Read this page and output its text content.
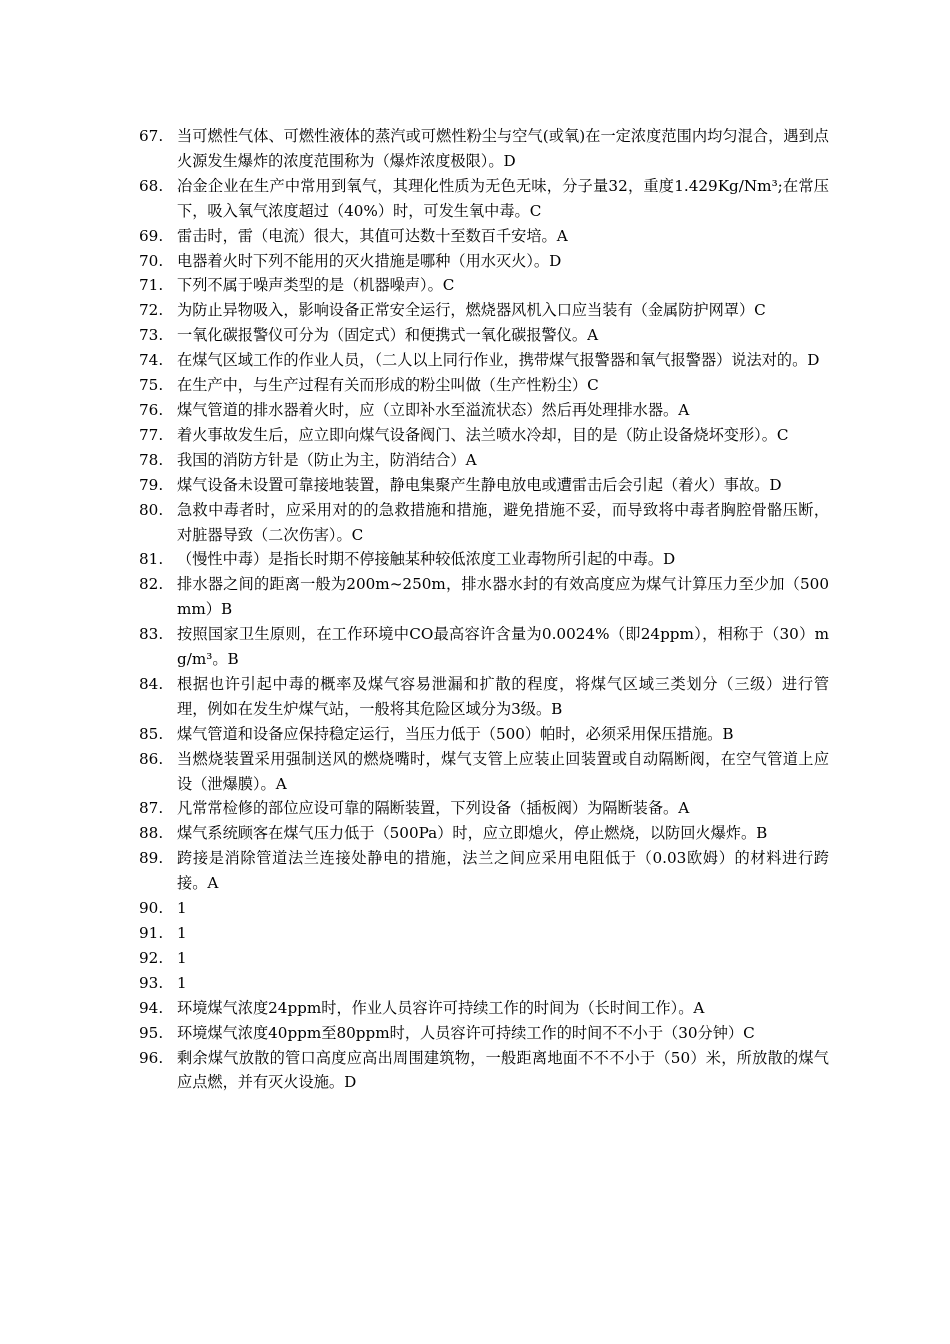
67. 当可燃性气体、可燃性液体的蒸汽或可燃性粉尘与空气(或氧)在一定浓度范围内均匀混合，遇到点火源发生爆炸的浓度范围称为（爆炸浓度极限）。D
68. 冶金企业在生产中常用到氧气，其理化性质为无色无味，分子量32，重度1.429Kg/Nm³;在常压下，吸入氧气浓度超过（40%）时，可发生氧中毒。C
69. 雷击时，雷（电流）很大，其值可达数十至数百千安培。A
70. 电器着火时下列不能用的灭火措施是哪种（用水灭火）。D
71. 下列不属于噪声类型的是（机器噪声）。C
72. 为防止异物吸入，影响设备正常安全运行，燃烧器风机入口应当装有（金属防护网罩）C
73. 一氧化碳报警仪可分为（固定式）和便携式一氧化碳报警仪。A
74. 在煤气区域工作的作业人员，（二人以上同行作业，携带煤气报警器和氧气报警器）说法对的。D
75. 在生产中，与生产过程有关而形成的粉尘叫做（生产性粉尘）C
76. 煤气管道的排水器着火时，应（立即补水至溢流状态）然后再处理排水器。A
77. 着火事故发生后，应立即向煤气设备阀门、法兰喷水冷却，目的是（防止设备烧坏变形）。C
78. 我国的消防方针是（防止为主，防消结合）A
79. 煤气设备未设置可靠接地装置，静电集聚产生静电放电或遭雷击后会引起（着火）事故。D
80. 急救中毒者时，应采用对的的急救措施和措施，避免措施不妥，而导致将中毒者胸腔骨骼压断，对脏器导致（二次伤害）。C
81. （慢性中毒）是指长时期不停接触某种较低浓度工业毒物所引起的中毒。D
82. 排水器之间的距离一般为200m~250m，排水器水封的有效高度应为煤气计算压力至少加（500mm）B
83. 按照国家卫生原则，在工作环境中CO最高容许含量为0.0024%（即24ppm），相称于（30）mg/m³。B
84. 根据也许引起中毒的概率及煤气容易泄漏和扩散的程度，将煤气区域三类划分（三级）进行管理，例如在发生炉煤气站，一般将其危险区域分为3级。B
85. 煤气管道和设备应保持稳定运行，当压力低于（500）帕时，必须采用保压措施。B
86. 当燃烧装置采用强制送风的燃烧嘴时，煤气支管上应装止回装置或自动隔断阀，在空气管道上应设（泄爆膜）。A
87. 凡常常检修的部位应设可靠的隔断装置，下列设备（插板阀）为隔断装备。A
88. 煤气系统顾客在煤气压力低于（500Pa）时，应立即熄火，停止燃烧，以防回火爆炸。B
89. 跨接是消除管道法兰连接处静电的措施，法兰之间应采用电阻低于（0.03欧姆）的材料进行跨接。A
90. 1
91. 1
92. 1
93. 1
94. 环境煤气浓度24ppm时，作业人员容许可持续工作的时间为（长时间工作）。A
95. 环境煤气浓度40ppm至80ppm时，人员容许可持续工作的时间不不小于（30分钟）C
96. 剩余煤气放散的管口高度应高出周围建筑物，一般距离地面不不不小于（50）米，所放散的煤气应点燃，并有灭火设施。D
